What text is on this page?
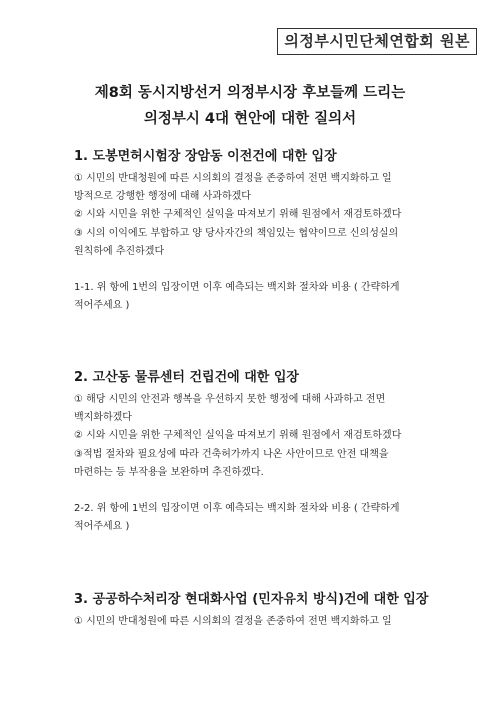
의정부시민단체연합회 원본
제8회 동시지방선거 의정부시장 후보들께 드리는
의정부시 4대 현안에 대한 질의서
1. 도봉면허시험장 장암동 이전건에 대한 입장
① 시민의 반대청원에 따른 시의회의 결정을 존중하여 전면 백지화하고 일
방적으로 강행한 행정에 대해 사과하겠다
② 시와 시민을 위한 구체적인 실익을 따져보기 위해 원점에서 재검토하겠다
③ 시의 이익에도 부합하고 양 당사자간의 책임있는 협약이므로 신의성실의
원칙하에 추진하겠다
1-1. 위 항에 1번의 입장이면 이후 예측되는 백지화 절차와 비용 ( 간략하게
적어주세요 )
2. 고산동 물류센터 건립건에 대한 입장
① 해당 시민의 안전과 행복을 우선하지 못한 행정에 대해 사과하고 전면
백지화하겠다
② 시와 시민을 위한 구체적인 실익을 따져보기 위해 원점에서 재검토하겠다
③적법 절차와 필요성에 따라 건축허가까지 나온 사안이므로 안전 대책을
마련하는 등 부작용을 보완하며 추진하겠다.
2-2. 위 항에 1번의 입장이면 이후 예측되는 백지화 절차와 비용 ( 간략하게
적어주세요 )
3. 공공하수처리장 현대화사업 (민자유치 방식)건에 대한 입장
① 시민의 반대청원에 따른 시의회의 결정을 존중하여 전면 백지화하고 일
